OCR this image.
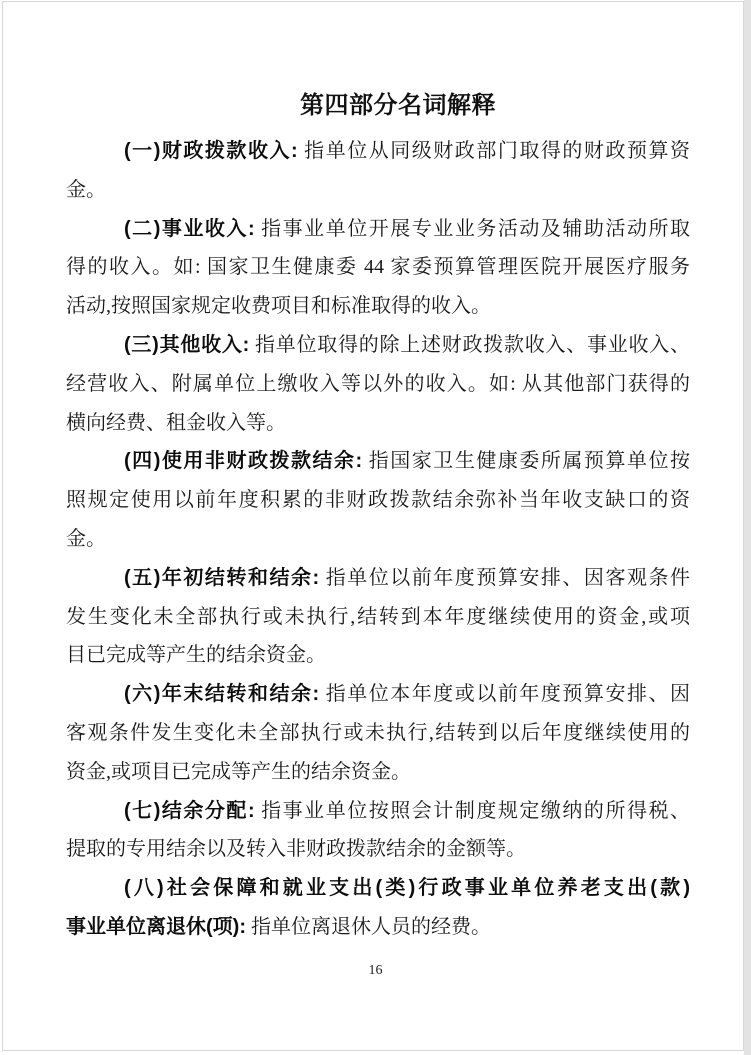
第四部分名词解释
(一)财政拨款收入: 指单位从同级财政部门取得的财政预算资
金。
(二)事业收入: 指事业单位开展专业业务活动及辅助活动所取
得的收入。如: 国家卫生健康委 44 家委预算管理医院开展医疗服务
活动,按照国家规定收费项目和标准取得的收入。
(三)其他收入: 指单位取得的除上述财政拨款收入、事业收入、
经营收入、附属单位上缴收入等以外的收入。如: 从其他部门获得的
横向经费、租金收入等。
(四)使用非财政拨款结余: 指国家卫生健康委所属预算单位按
照规定使用以前年度积累的非财政拨款结余弥补当年收支缺口的资
金。
(五)年初结转和结余: 指单位以前年度预算安排、因客观条件
发生变化未全部执行或未执行,结转到本年度继续使用的资金,或项
目已完成等产生的结余资金。
(六)年末结转和结余: 指单位本年度或以前年度预算安排、因
客观条件发生变化未全部执行或未执行,结转到以后年度继续使用的
资金,或项目已完成等产生的结余资金。
(七)结余分配: 指事业单位按照会计制度规定缴纳的所得税、
提取的专用结余以及转入非财政拨款结余的金额等。
(八)社会保障和就业支出(类)行政事业单位养老支出(款)
事业单位离退休(项): 指单位离退休人员的经费。
16
